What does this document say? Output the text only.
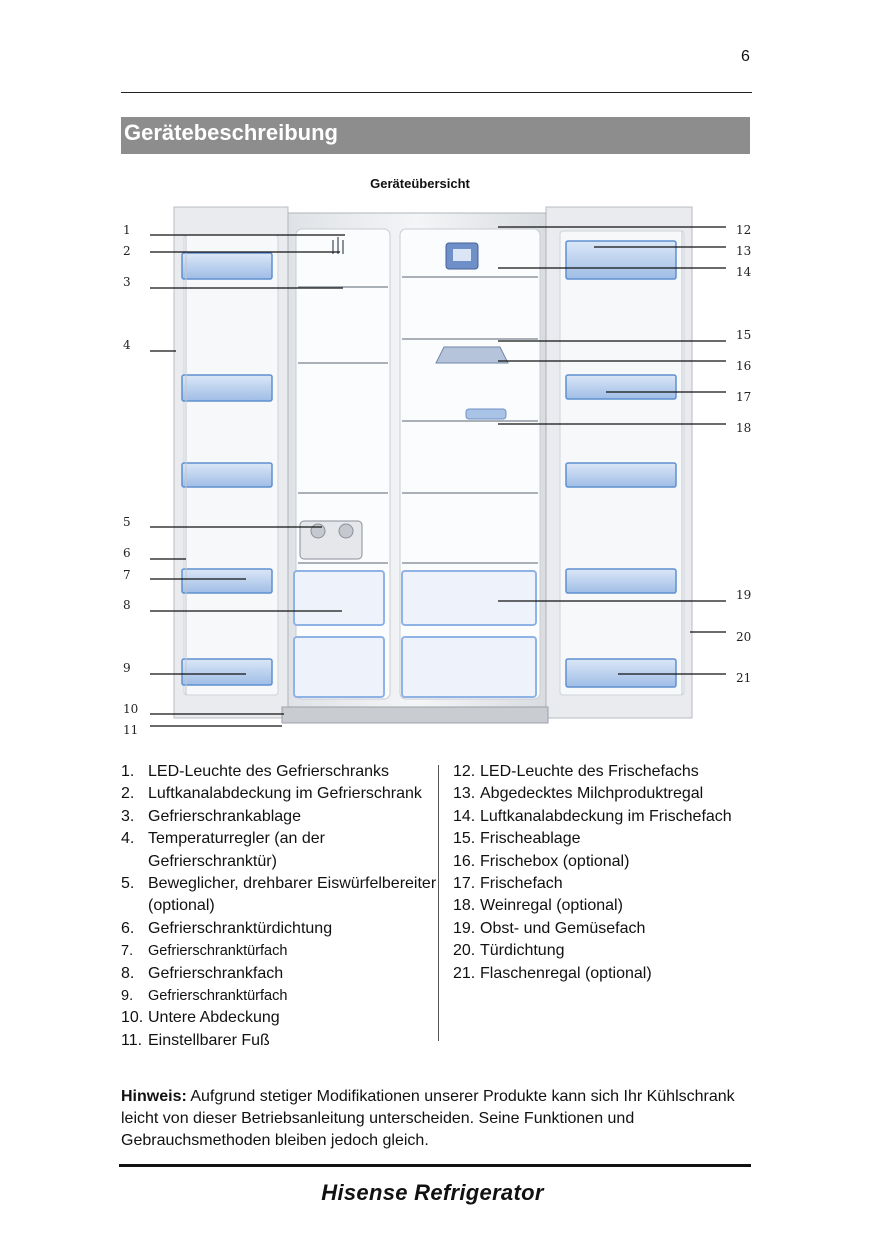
6
Gerätebeschreibung
Geräteübersicht
1
2
3
4
5
6
7
8
9
10
11
12
13
14
15
16
17
18
19
20
21
1. LED-Leuchte des Gefrierschranks
2. Luftkanalabdeckung im Gefrierschrank
3. Gefrierschrankablage
4. Temperaturregler (an der Gefrierschranktür)
5. Beweglicher, drehbarer Eiswürfelbereiter (optional)
6. Gefrierschranktürdichtung
7.	Gefrierschranktürfach
8. Gefrierschrankfach
9.	Gefrierschranktürfach
10. Untere Abdeckung
11. Einstellbarer Fuß
12. LED-Leuchte des Frischefachs
13. Abgedecktes Milchproduktregal
14. Luftkanalabdeckung im Frischefach
15. Frischeablage
16. Frischebox (optional)
17. Frischefach
18. Weinregal (optional)
19. Obst- und Gemüsefach
20. Türdichtung
21. Flaschenregal (optional)
Hinweis: Aufgrund stetiger Modifikationen unserer Produkte kann sich Ihr Kühlschrank leicht von dieser Betriebsanleitung unterscheiden. Seine Funktionen und Gebrauchsmethoden bleiben jedoch gleich.
Hisense Refrigerator
